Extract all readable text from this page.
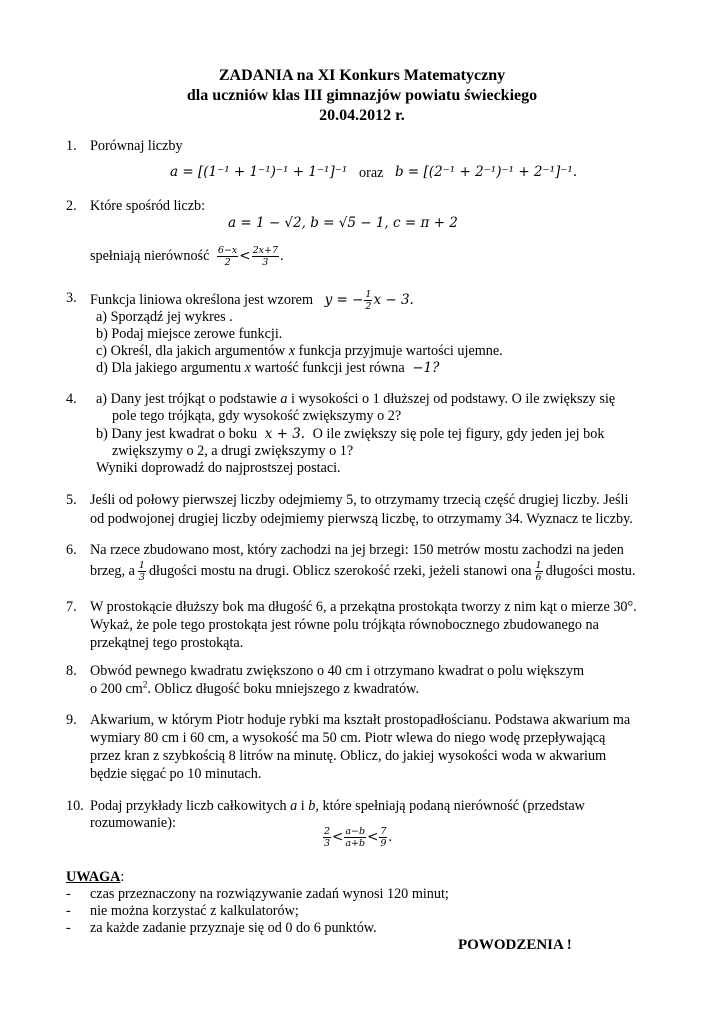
ZADANIA na XI Konkurs Matematyczny
dla uczniów klas III gimnazjów powiatu świeckiego
20.04.2012 r.
1. Porównaj liczby
a = [(1⁻¹ + 1⁻¹)⁻¹ + 1⁻¹]⁻¹ oraz b = [(2⁻¹ + 2⁻¹)⁻¹ + 2⁻¹]⁻¹.
2. Które spośród liczb:
a = 1 − √2, b = √5 − 1, c = π + 2
spełniają nierówność $\frac{6-x}{2} < \frac{2x+7}{3}$ .
3. Funkcja liniowa określona jest wzorem y = − $\frac{1}{2}$ x − 3.
a) Sporządź jej wykres .
b) Podaj miejsce zerowe funkcji.
c) Określ, dla jakich argumentów x funkcja przyjmuje wartości ujemne.
d) Dla jakiego argumentu x wartość funkcji jest równa −1?
4. a) Dany jest trójkąt o podstawie a i wysokości o 1 dłuższej od podstawy. O ile zwiększy się
pole tego trójkąta, gdy wysokość zwiększymy o 2?
b) Dany jest kwadrat o boku x + 3. O ile zwiększy się pole tej figury, gdy jeden jej bok
zwiększymy o 2, a drugi zwiększymy o 1?
Wyniki doprowadź do najprostszej postaci.
5. Jeśli od połowy pierwszej liczby odejmiemy 5, to otrzymamy trzecią część drugiej liczby. Jeśli
od podwojonej drugiej liczby odejmiemy pierwszą liczbę, to otrzymamy 34. Wyznacz te liczby.
6. Na rzece zbudowano most, który zachodzi na jej brzegi: 150 metrów mostu zachodzi na jeden
brzeg, a $\frac{1}{3}$ długości mostu na drugi. Oblicz szerokość rzeki, jeżeli stanowi ona $\frac{1}{6}$ długości mostu.
7. W prostokącie dłuższy bok ma długość 6, a przekątna prostokąta tworzy z nim kąt o mierze 30°.
Wykaż, że pole tego prostokąta jest równe polu trójkąta równobocznego zbudowanego na
przekątnej tego prostokąta.
8. Obwód pewnego kwadratu zwiększono o 40 cm i otrzymano kwadrat o polu większym
o 200 $cm^2$. Oblicz długość boku mniejszego z kwadratów.
9. Akwarium, w którym Piotr hoduje rybki ma kształt prostopadłościanu. Podstawa akwarium ma
wymiary 80 cm i 60 cm, a wysokość ma 50 cm. Piotr wlewa do niego wodę przepływającą
przez kran z szybkością 8 litrów na minutę. Oblicz, do jakiej wysokości woda w akwarium
będzie sięgać po 10 minutach.
10. Podaj przykłady liczb całkowitych a i b, które spełniają podaną nierówność (przedstaw
rozumowanie):
$\frac{2}{3} < \frac{a-b}{a+b} < \frac{7}{9}$ .
UWAGA:
- czas przeznaczony na rozwiązywanie zadań wynosi 120 minut;
- nie można korzystać z kalkulatorów;
- za każde zadanie przyznaje się od 0 do 6 punktów.
POWODZENIA !
